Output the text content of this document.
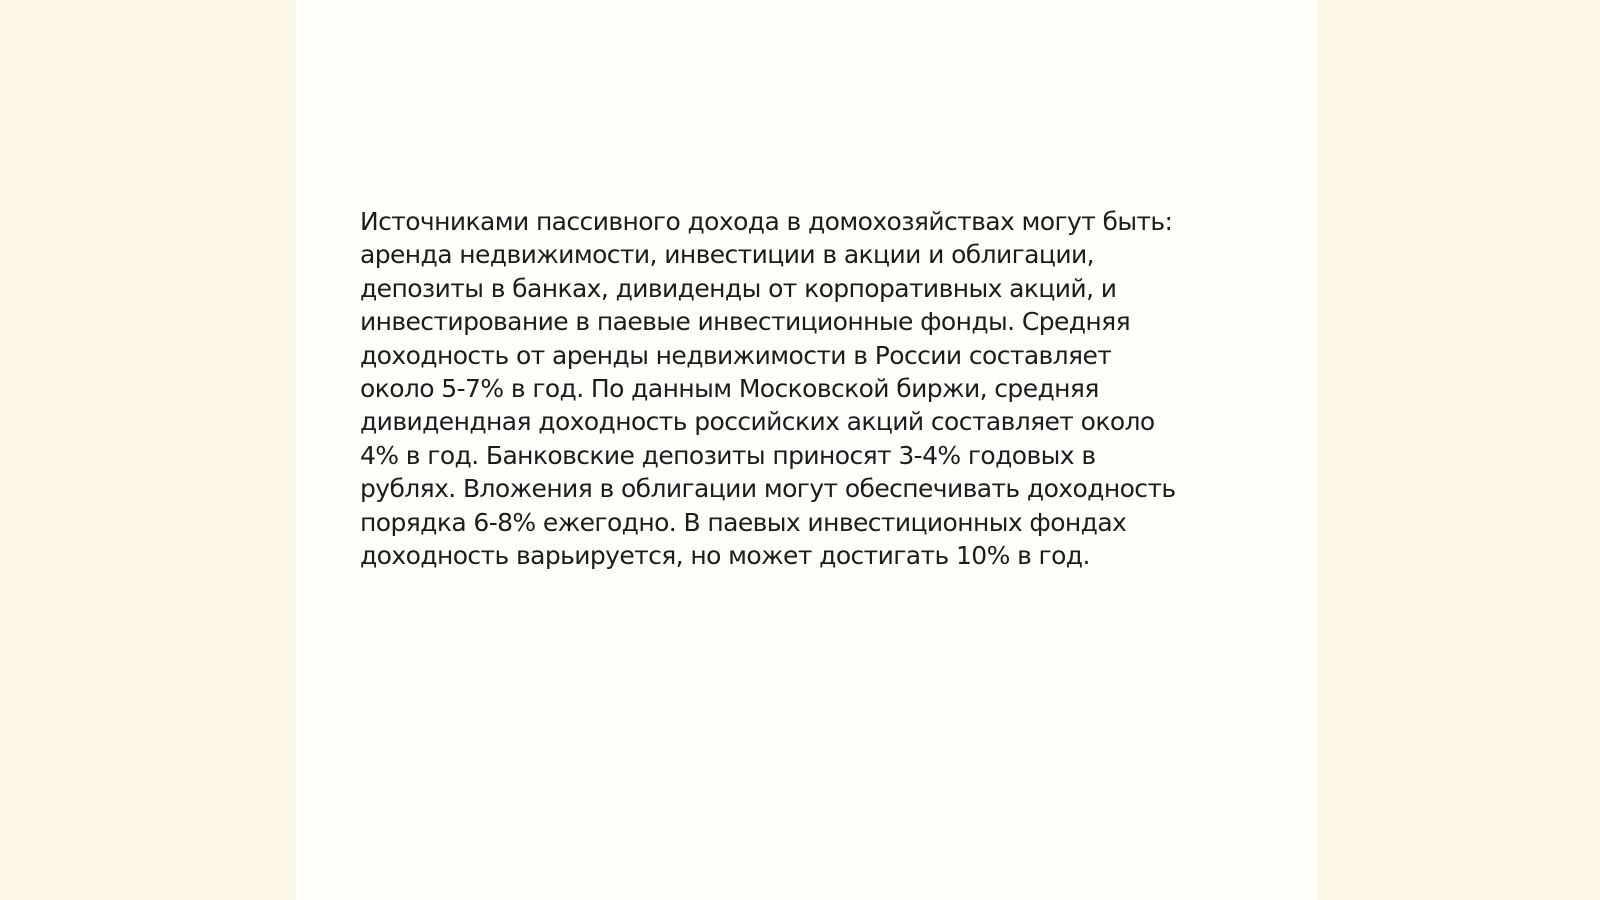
Источниками пассивного дохода в домохозяйствах могут быть:
аренда недвижимости, инвестиции в акции и облигации,
депозиты в банках, дивиденды от корпоративных акций, и
инвестирование в паевые инвестиционные фонды. Средняя
доходность от аренды недвижимости в России составляет
около 5-7% в год. По данным Московской биржи, средняя
дивидендная доходность российских акций составляет около
4% в год. Банковские депозиты приносят 3-4% годовых в
рублях. Вложения в облигации могут обеспечивать доходность
порядка 6-8% ежегодно. В паевых инвестиционных фондах
доходность варьируется, но может достигать 10% в год.
